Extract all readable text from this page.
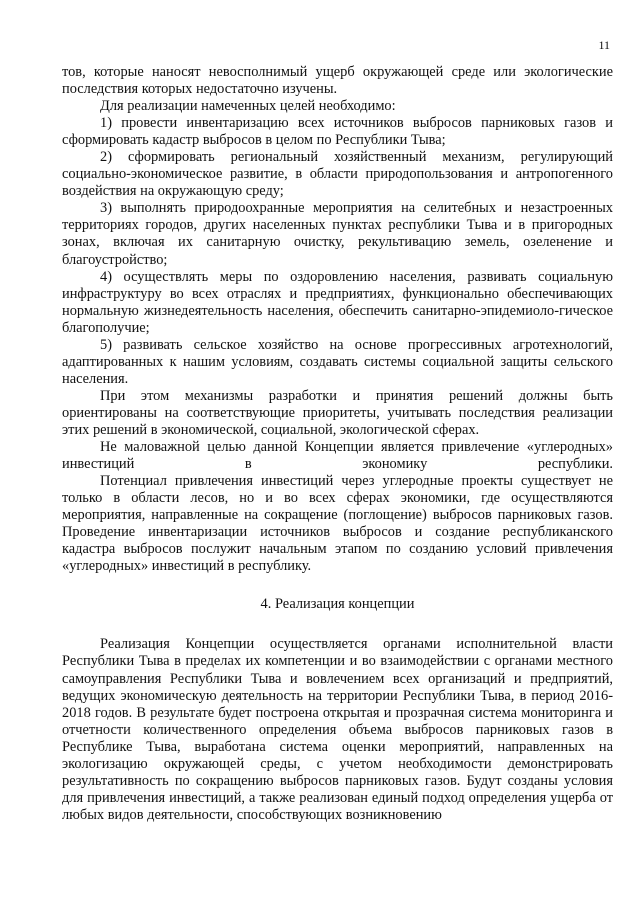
11

тов, которые наносят невосполнимый ущерб окружающей среде или экологические последствия которых недостаточно изучены.

Для реализации намеченных целей необходимо:

1) провести инвентаризацию всех источников выбросов парниковых газов и сформировать кадастр выбросов в целом по Республики Тыва;

2) сформировать региональный хозяйственный механизм, регулирующий социально-экономическое развитие, в области природопользования и антропогенного воздействия на окружающую среду;

3) выполнять природоохранные мероприятия на селитебных и незастроенных территориях городов, других населенных пунктах республики Тыва и в пригородных зонах, включая их санитарную очистку, рекультивацию земель, озеленение и благоустройство;

4) осуществлять меры по оздоровлению населения, развивать социальную инфраструктуру во всех отраслях и предприятиях, функционально обеспечивающих нормальную жизнедеятельность населения, обеспечить санитарно-эпидемиоло-гическое благополучие;

5) развивать сельское хозяйство на основе прогрессивных агротехнологий, адаптированных к нашим условиям, создавать системы социальной защиты сельского населения.

При этом механизмы разработки и принятия решений должны быть ориентированы на соответствующие приоритеты, учитывать последствия реализации этих решений в экономической, социальной, экологической сферах.

Не маловажной целью данной Концепции является привлечение «углеродных» инвестиций в экономику республики.

Потенциал привлечения инвестиций через углеродные проекты существует не только в области лесов, но и во всех сферах экономики, где осуществляются мероприятия, направленные на сокращение (поглощение) выбросов парниковых газов. Проведение инвентаризации источников выбросов и создание республиканского кадастра выбросов послужит начальным этапом по созданию условий привлечения «углеродных» инвестиций в республику.

4. Реализация концепции

Реализация Концепции осуществляется органами исполнительной власти Республики Тыва в пределах их компетенции и во взаимодействии с органами местного самоуправления Республики Тыва и вовлечением всех организаций и предприятий, ведущих экономическую деятельность на территории Республики Тыва, в период 2016-2018 годов. В результате будет построена открытая и прозрачная система мониторинга и отчетности количественного определения объема выбросов парниковых газов в Республике Тыва, выработана система оценки мероприятий, направленных на экологизацию окружающей среды, с учетом необходимости демонстрировать результативность по сокращению выбросов парниковых газов. Будут созданы условия для привлечения инвестиций, а также реализован единый подход определения ущерба от любых видов деятельности, способствующих возникновению
